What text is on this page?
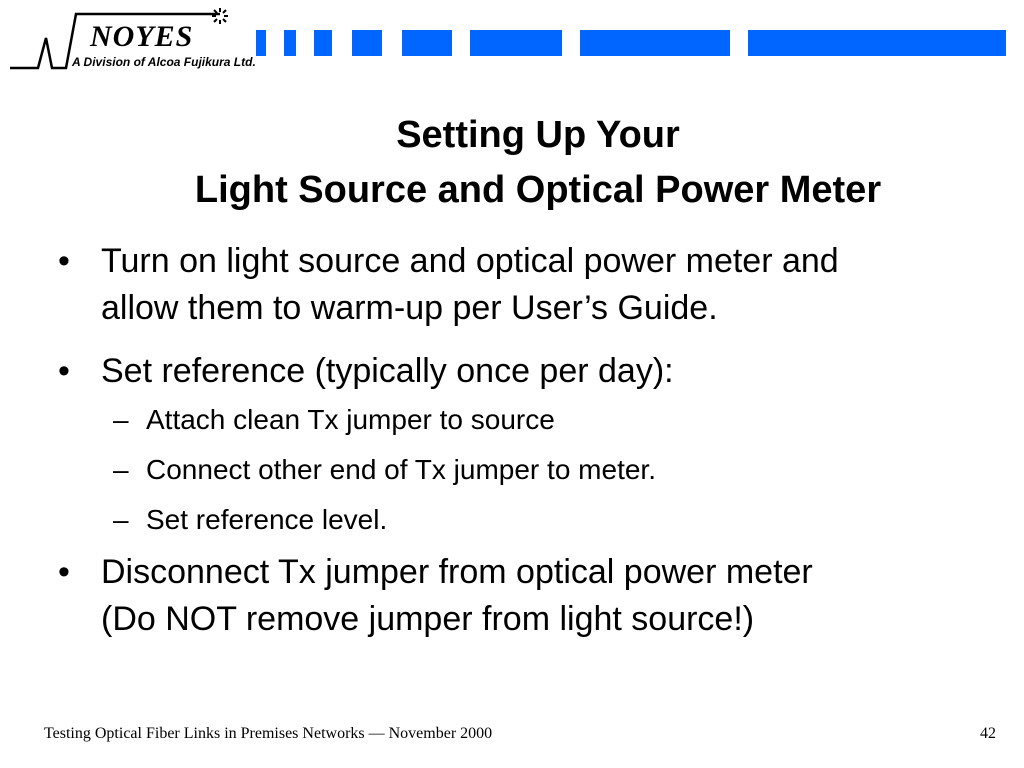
NOYES
A Division of Alcoa Fujikura Ltd.
Setting Up Your
Light Source and Optical Power Meter
• Turn on light source and optical power meter and
allow them to warm-up per User’s Guide.
• Set reference (typically once per day):
– Attach clean Tx jumper to source
– Connect other end of Tx jumper to meter.
– Set reference level.
• Disconnect Tx jumper from optical power meter
(Do NOT remove jumper from light source!)
Testing Optical Fiber Links in Premises Networks — November 2000	42
